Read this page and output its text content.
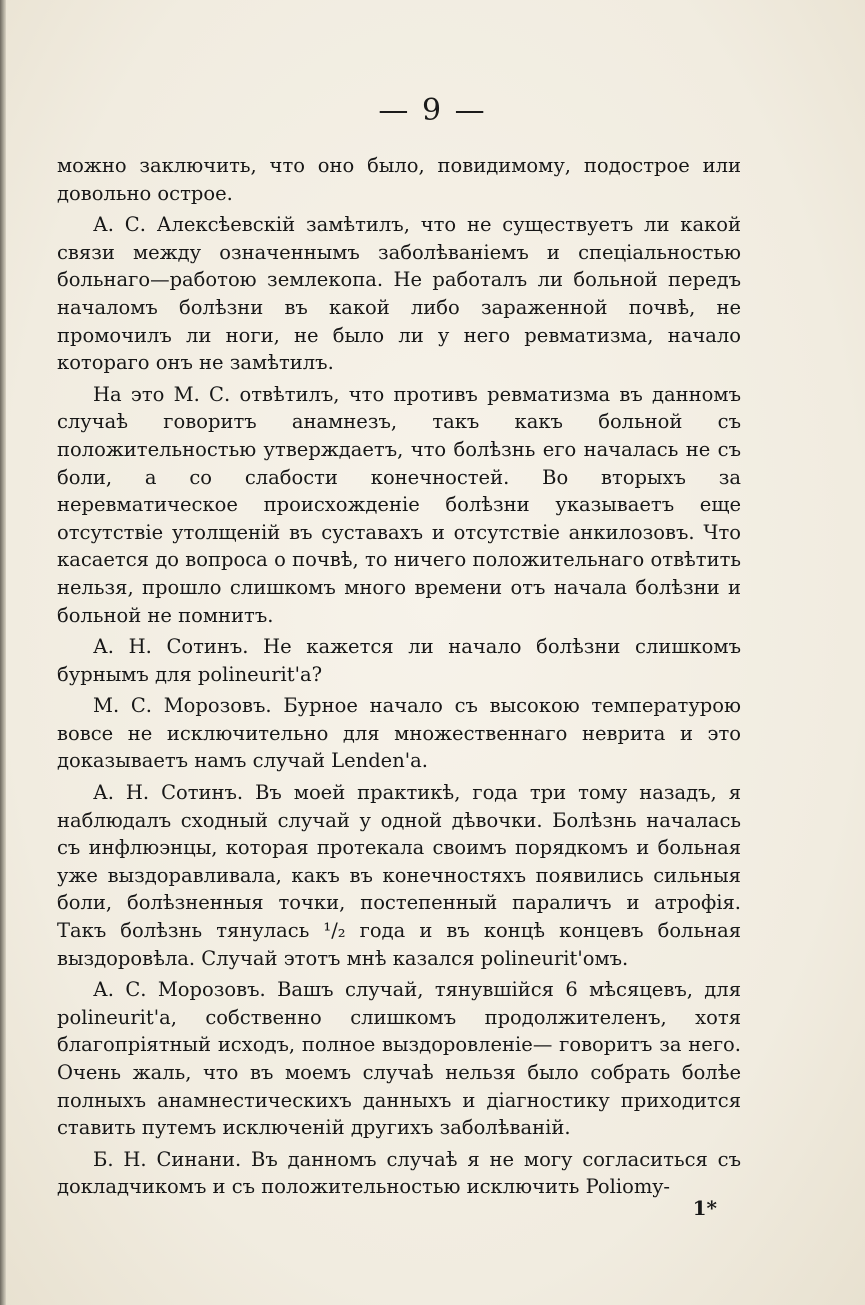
— 9 —

можно заключить, что оно было, повидимому, подострое или довольно острое.

А. С. Алексѣевскiй замѣтилъ, что не существуетъ ли какой связи между означеннымъ заболѣванiемъ и спецiальностью больнаго—работою землекопа. Не работалъ ли больной передъ началомъ болѣзни въ какой либо зараженной почвѣ, не промочилъ ли ноги, не было ли у него ревматизма, начало котораго онъ не замѣтилъ.

На это М. С. отвѣтилъ, что противъ ревматизма въ данномъ случаѣ говоритъ анамнезъ, такъ какъ больной съ положительностью утверждаетъ, что болѣзнь его началась не съ боли, а со слабости конечностей. Во вторыхъ за неревматическое происхожденiе болѣзни указываетъ еще отсутствiе утолщенiй въ суставахъ и отсутствiе анкилозовъ. Что касается до вопроса о почвѣ, то ничего положительнаго отвѣтить нельзя, прошло слишкомъ много времени отъ начала болѣзни и больной не помнитъ.

А. Н. Сотинъ. Не кажется ли начало болѣзни слишкомъ бурнымъ для polineurit'a?

М. С. Морозовъ. Бурное начало съ высокою температурою вовсе не исключительно для множественнаго неврита и это доказываетъ намъ случай Lenden'a.

А. Н. Сотинъ. Въ моей практикѣ, года три тому назадъ, я наблюдалъ сходный случай у одной дѣвочки. Болѣзнь началась съ инфлюэнцы, которая протекала своимъ порядкомъ и больная уже выздоравливала, какъ въ конечностяхъ появились сильныя боли, болѣзненныя точки, постепенный параличъ и атрофiя. Такъ болѣзнь тянулась ¹/₂ года и въ концѣ концевъ больная выздоровѣла. Случай этотъ мнѣ казался polineurit'омъ.

А. С. Морозовъ. Вашъ случай, тянувшiйся 6 мѣсяцевъ, для polineurit'a, собственно слишкомъ продолжителенъ, хотя благопрiятный исходъ, полное выздоровленiе— говоритъ за него. Очень жаль, что въ моемъ случаѣ нельзя было собрать болѣе полныхъ анамнестическихъ данныхъ и дiагностику приходится ставить путемъ исключенiй другихъ заболѣванiй.

Б. Н. Синани. Въ данномъ случаѣ я не могу согласиться съ докладчикомъ и съ положительностью исключить Poliomy-

1*
